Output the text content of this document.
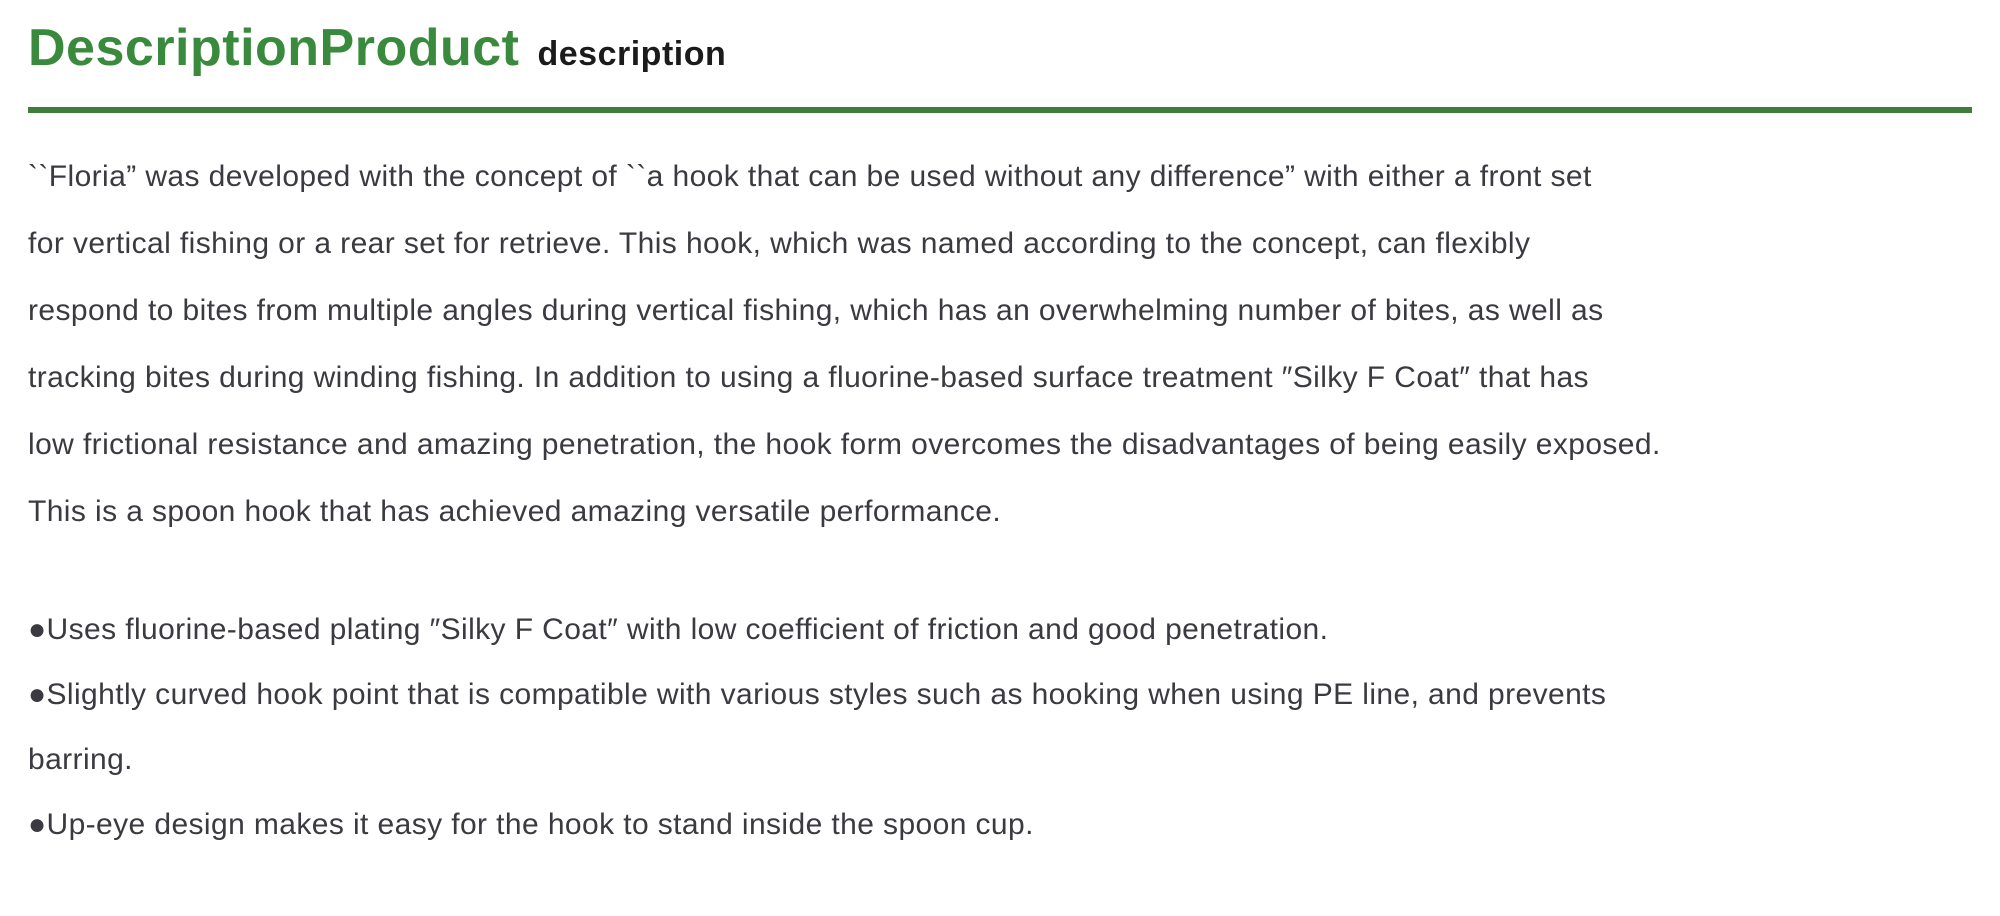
DescriptionProduct description
``Floria” was developed with the concept of ``a hook that can be used without any difference” with either a front set
for vertical fishing or a rear set for retrieve. This hook, which was named according to the concept, can flexibly
respond to bites from multiple angles during vertical fishing, which has an overwhelming number of bites, as well as
tracking bites during winding fishing. In addition to using a fluorine-based surface treatment ″Silky F Coat″ that has
low frictional resistance and amazing penetration, the hook form overcomes the disadvantages of being easily exposed.
This is a spoon hook that has achieved amazing versatile performance.
●Uses fluorine-based plating ″Silky F Coat″ with low coefficient of friction and good penetration.
●Slightly curved hook point that is compatible with various styles such as hooking when using PE line, and prevents
barring.
●Up-eye design makes it easy for the hook to stand inside the spoon cup.
